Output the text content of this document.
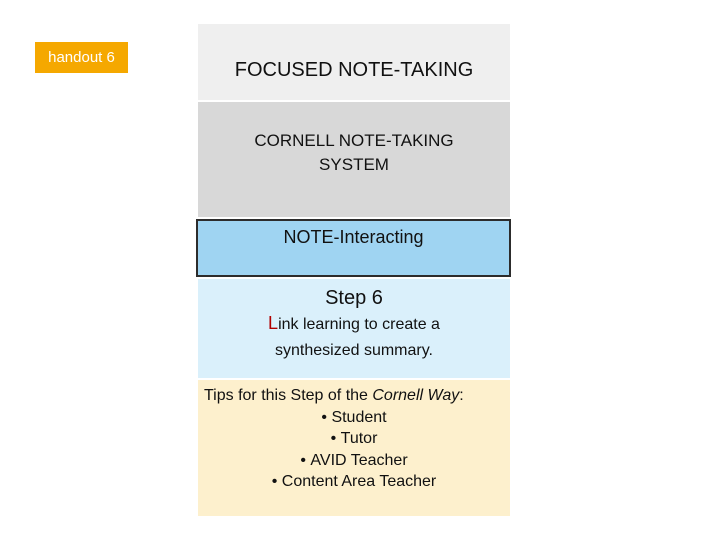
handout 6
FOCUSED NOTE-TAKING
CORNELL NOTE-TAKING SYSTEM
NOTE-Interacting
Step 6
Link learning to create a
synthesized summary.
Tips for this Step of the Cornell Way:
• Student
• Tutor
• AVID Teacher
• Content Area Teacher
